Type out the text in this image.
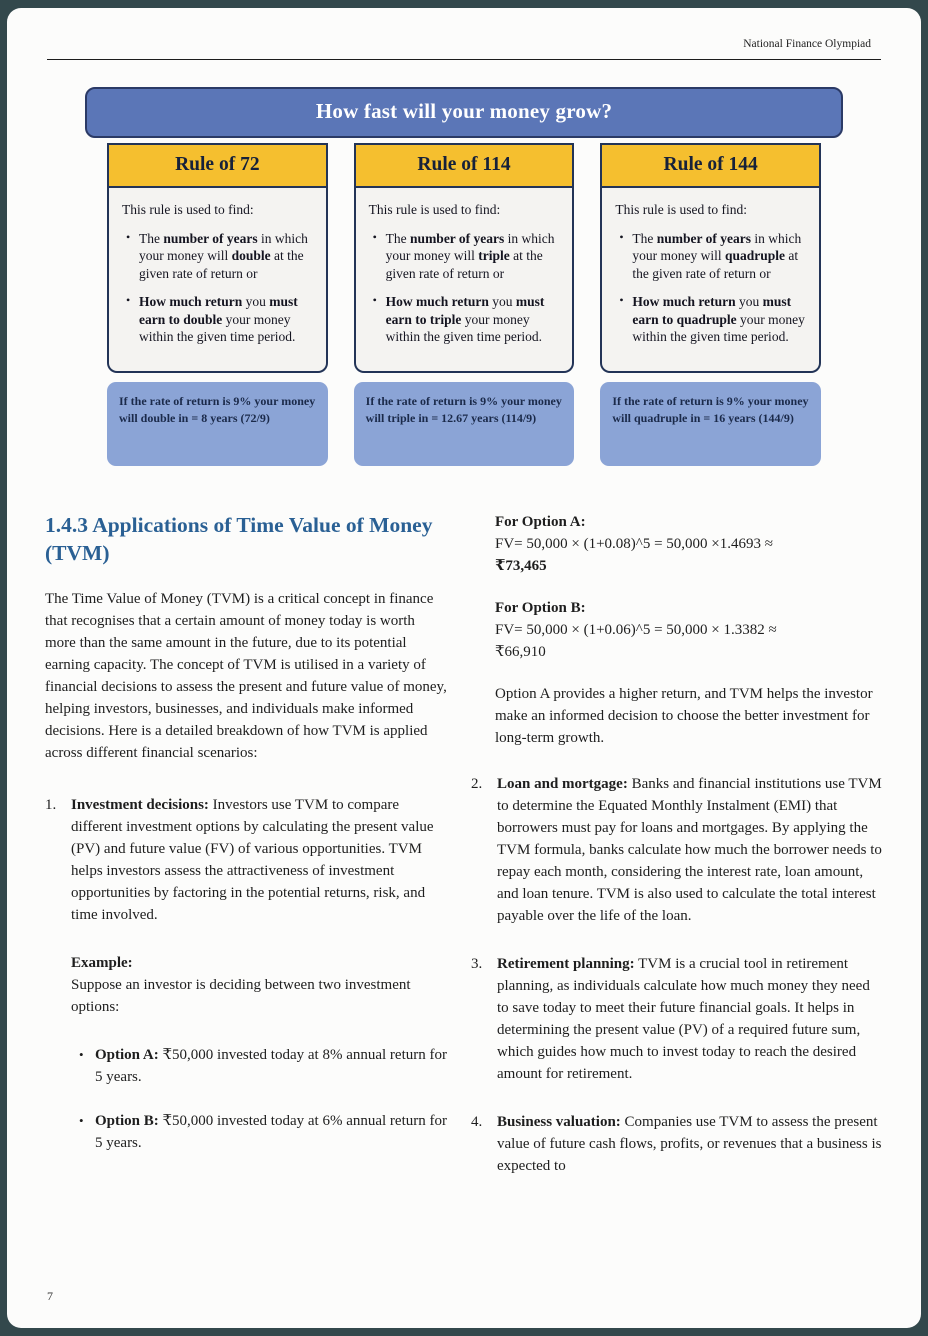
National Finance Olympiad
How fast will your money grow?
Rule of 72

This rule is used to find:

• The number of years in which your money will double at the given rate of return or
• How much return you must earn to double your money within the given time period.
If the rate of return is 9% your money will double in = 8 years (72/9)
Rule of 114

This rule is used to find:

• The number of years in which your money will triple at the given rate of return or
• How much return you must earn to triple your money within the given time period.
If the rate of return is 9% your money will triple in = 12.67 years (114/9)
Rule of 144

This rule is used to find:

• The number of years in which your money will quadruple at the given rate of return or
• How much return you must earn to quadruple your money within the given time period.
If the rate of return is 9% your money will quadruple in = 16 years (144/9)
1.4.3 Applications of Time Value of Money (TVM)

The Time Value of Money (TVM) is a critical concept in finance that recognises that a certain amount of money today is worth more than the same amount in the future, due to its potential earning capacity. The concept of TVM is utilised in a variety of financial decisions to assess the present and future value of money, helping investors, businesses, and individuals make informed decisions. Here is a detailed breakdown of how TVM is applied across different financial scenarios:

1. Investment decisions: Investors use TVM to compare different investment options by calculating the present value (PV) and future value (FV) of various opportunities. TVM helps investors assess the attractiveness of investment opportunities by factoring in the potential returns, risk, and time involved.
Example:

Suppose an investor is deciding between two investment options:

• Option A: ₹50,000 invested today at 8% annual return for 5 years.
• Option B: ₹50,000 invested today at 6% annual return for 5 years.
For Option A:
FV= 50,000 × (1+0.08)^5 = 50,000 ×1.4693 ≈
₹73,465
For Option B:
FV= 50,000 × (1+0.06)^5 = 50,000 × 1.3382 ≈
₹66,910

Option A provides a higher return, and TVM helps the investor make an informed decision to choose the better investment for long-term growth.

2. Loan and mortgage: Banks and financial institutions use TVM to determine the Equated Monthly Instalment (EMI) that borrowers must pay for loans and mortgages. By applying the TVM formula, banks calculate how much the borrower needs to repay each month, considering the interest rate, loan amount, and loan tenure. TVM is also used to calculate the total interest payable over the life of the loan.
3. Retirement planning: TVM is a crucial tool in retirement planning, as individuals calculate how much money they need to save today to meet their future financial goals. It helps in determining the present value (PV) of a required future sum, which guides how much to invest today to reach the desired amount for retirement.
4. Business valuation: Companies use TVM to assess the present value of future cash flows, profits, or revenues that a business is expected to
7
